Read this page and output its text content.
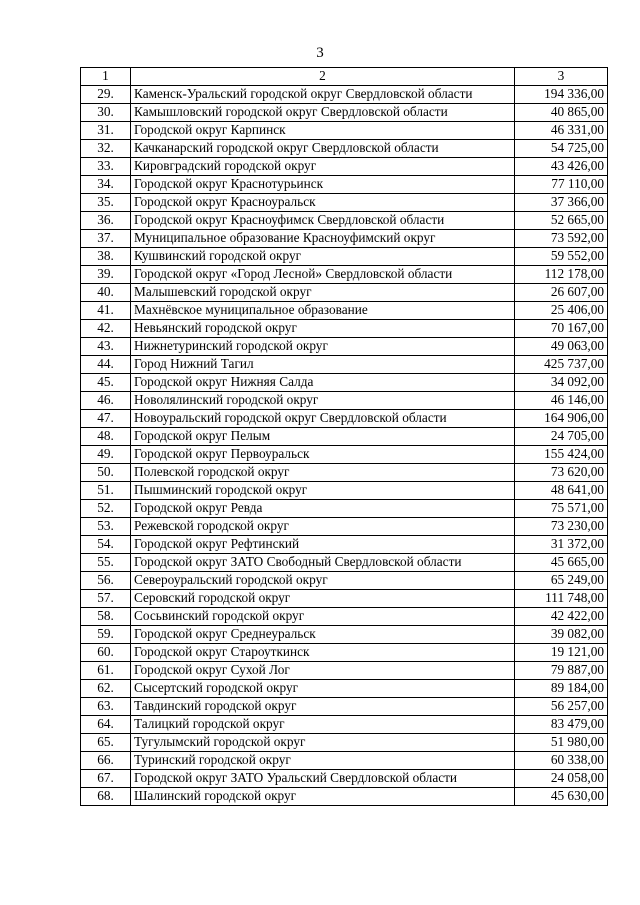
3
1	2	3
29.	Каменск-Уральский городской округ Свердловской области	194 336,00
30.	Камышловский городской округ Свердловской области	40 865,00
31.	Городской округ Карпинск	46 331,00
32.	Качканарский городской округ Свердловской области	54 725,00
33.	Кировградский городской округ	43 426,00
34.	Городской округ Краснотурьинск	77 110,00
35.	Городской округ Красноуральск	37 366,00
36.	Городской округ Красноуфимск Свердловской области	52 665,00
37.	Муниципальное образование Красноуфимский округ	73 592,00
38.	Кушвинский городской округ	59 552,00
39.	Городской округ «Город Лесной» Свердловской области	112 178,00
40.	Малышевский городской округ	26 607,00
41.	Махнёвское муниципальное образование	25 406,00
42.	Невьянский городской округ	70 167,00
43.	Нижнетуринский городской округ	49 063,00
44.	Город Нижний Тагил	425 737,00
45.	Городской округ Нижняя Салда	34 092,00
46.	Новолялинский городской округ	46 146,00
47.	Новоуральский городской округ Свердловской области	164 906,00
48.	Городской округ Пелым	24 705,00
49.	Городской округ Первоуральск	155 424,00
50.	Полевской городской округ	73 620,00
51.	Пышминский городской округ	48 641,00
52.	Городской округ Ревда	75 571,00
53.	Режевской городской округ	73 230,00
54.	Городской округ Рефтинский	31 372,00
55.	Городской округ ЗАТО Свободный Свердловской области	45 665,00
56.	Североуральский городской округ	65 249,00
57.	Серовский городской округ	111 748,00
58.	Сосьвинский городской округ	42 422,00
59.	Городской округ Среднеуральск	39 082,00
60.	Городской округ Староуткинск	19 121,00
61.	Городской округ Сухой Лог	79 887,00
62.	Сысертский городской округ	89 184,00
63.	Тавдинский городской округ	56 257,00
64.	Талицкий городской округ	83 479,00
65.	Тугулымский городской округ	51 980,00
66.	Туринский городской округ	60 338,00
67.	Городской округ ЗАТО Уральский Свердловской области	24 058,00
68.	Шалинский городской округ	45 630,00
